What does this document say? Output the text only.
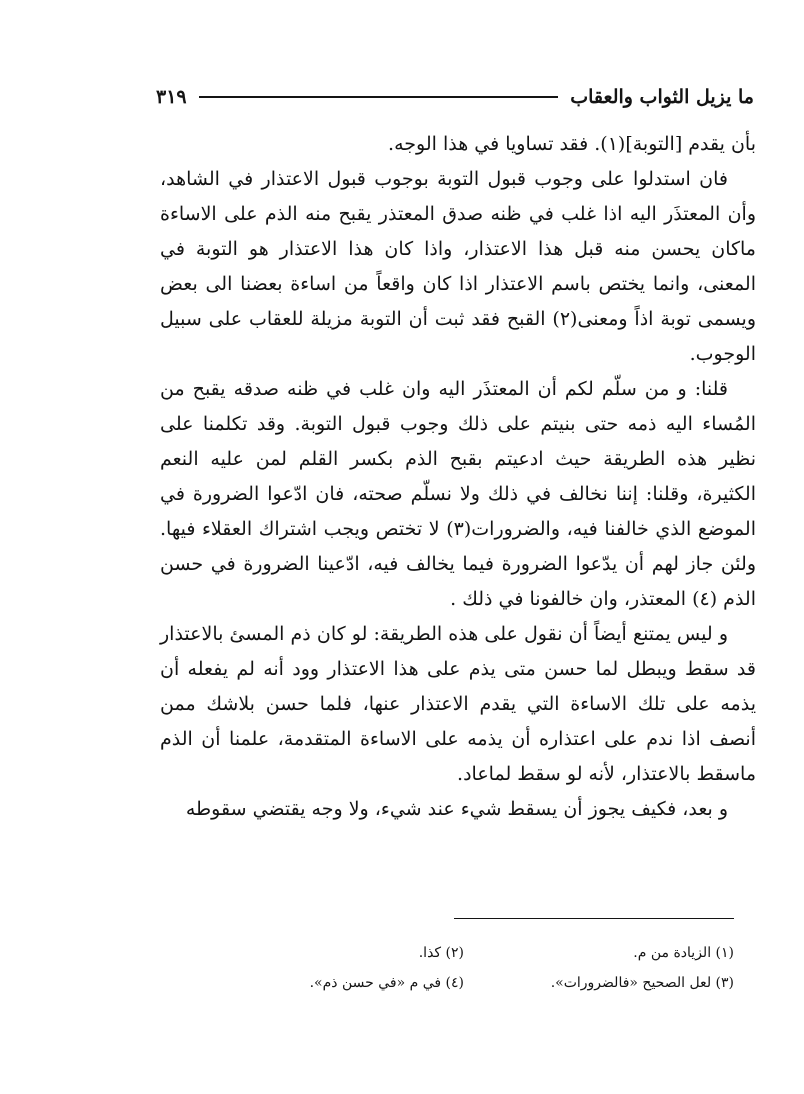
ما يزيل الثواب والعقاب
٣١٩

بأن يقدم [التوبة](١). فقد تساويا في هذا الوجه.

فان استدلوا على وجوب قبول التوبة بوجوب قبول الاعتذار في الشاهد، وأن المعتذَر اليه اذا غلب في ظنه صدق المعتذر يقبح منه الذم على الاساءة ماكان يحسن منه قبل هذا الاعتذار، واذا كان هذا الاعتذار هو التوبة في المعنى، وانما يختص باسم الاعتذار اذا كان واقعاً من اساءة بعضنا الى بعض ويسمى توبة اذاً ومعنى(٢) القبح فقد ثبت أن التوبة مزيلة للعقاب على سبيل الوجوب.

قلنا: و من سلّم لكم أن المعتذَر اليه وان غلب في ظنه صدقه يقبح من المُساء اليه ذمه حتى بنيتم على ذلك وجوب قبول التوبة. وقد تكلمنا على نظير هذه الطريقة حيث ادعيتم بقبح الذم بكسر القلم لمن عليه النعم الكثيرة، وقلنا: إننا نخالف في ذلك ولا نسلّم صحته، فان ادّعوا الضرورة في الموضع الذي خالفنا فيه، والضرورات(٣) لا تختص ويجب اشتراك العقلاء فيها. ولئن جاز لهم أن يدّعوا الضرورة فيما يخالف فيه، ادّعينا الضرورة في حسن الذم (٤) المعتذر، وان خالفونا في ذلك .

و ليس يمتنع أيضاً أن نقول على هذه الطريقة: لو كان ذم المسئ بالاعتذار قد سقط ويبطل لما حسن متى يذم على هذا الاعتذار وود أنه لم يفعله أن يذمه على تلك الاساءة التي يقدم الاعتذار عنها، فلما حسن بلاشك ممن أنصف اذا ندم على اعتذاره أن يذمه على الاساءة المتقدمة، علمنا أن الذم ماسقط بالاعتذار، لأنه لو سقط لماعاد.

و بعد، فكيف يجوز أن يسقط شيء عند شيء، ولا وجه يقتضي سقوطه

(١) الزيادة من م.
(٢) كذا.
(٣) لعل الصحيح «فالضرورات».
(٤) في م «في حسن ذم».
